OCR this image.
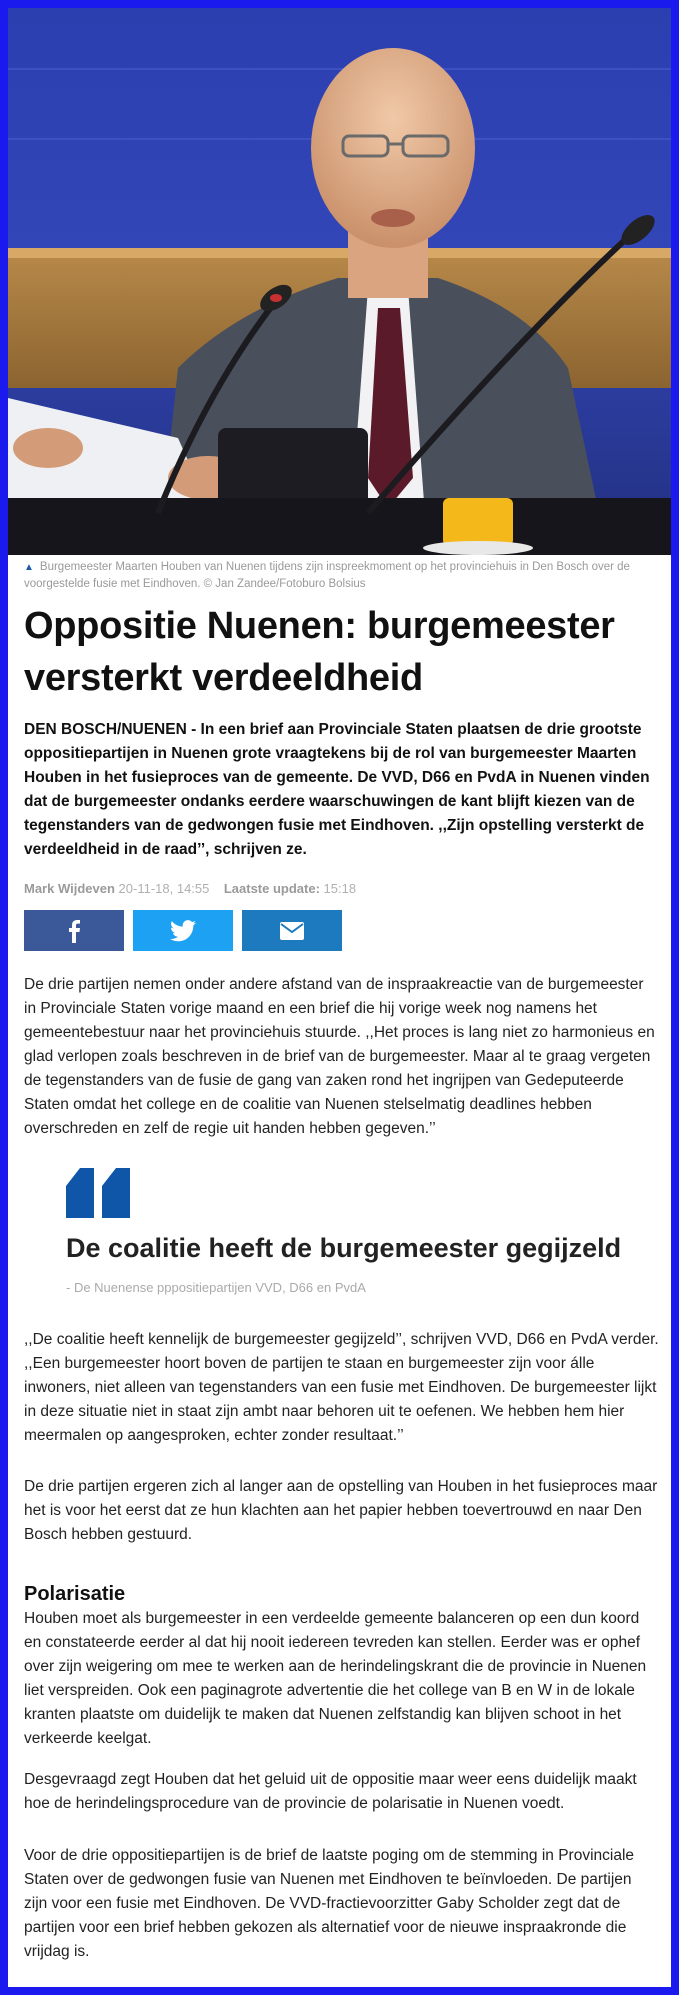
▲ Burgemeester Maarten Houben van Nuenen tijdens zijn inspreekmoment op het provinciehuis in Den Bosch over de voorgestelde fusie met Eindhoven. © Jan Zandee/Fotoburo Bolsius
Oppositie Nuenen: burgemeester versterkt verdeeldheid

DEN BOSCH/NUENEN - In een brief aan Provinciale Staten plaatsen de drie grootste oppositiepartijen in Nuenen grote vraagtekens bij de rol van burgemeester Maarten Houben in het fusieproces van de gemeente. De VVD, D66 en PvdA in Nuenen vinden dat de burgemeester ondanks eerdere waarschuwingen de kant blijft kiezen van de tegenstanders van de gedwongen fusie met Eindhoven. ,,Zijn opstelling versterkt de verdeeldheid in de raad’’, schrijven ze.

Mark Wijdeven 20-11-18, 14:55 Laatste update: 15:18

De drie partijen nemen onder andere afstand van de inspraakreactie van de burgemeester in Provinciale Staten vorige maand en een brief die hij vorige week nog namens het gemeentebestuur naar het provinciehuis stuurde. ,,Het proces is lang niet zo harmonieus en glad verlopen zoals beschreven in de brief van de burgemeester. Maar al te graag vergeten de tegenstanders van de fusie de gang van zaken rond het ingrijpen van Gedeputeerde Staten omdat het college en de coalitie van Nuenen stelselmatig deadlines hebben overschreden en zelf de regie uit handen hebben gegeven.’’

De coalitie heeft de burgemeester gegijzeld

- De Nuenense pppositiepartijen VVD, D66 en PvdA

,,De coalitie heeft kennelijk de burgemeester gegijzeld’’, schrijven VVD, D66 en PvdA verder. ,,Een burgemeester hoort boven de partijen te staan en burgemeester zijn voor álle inwoners, niet alleen van tegenstanders van een fusie met Eindhoven. De burgemeester lijkt in deze situatie niet in staat zijn ambt naar behoren uit te oefenen. We hebben hem hier meermalen op aangesproken, echter zonder resultaat.’’

De drie partijen ergeren zich al langer aan de opstelling van Houben in het fusieproces maar het is voor het eerst dat ze hun klachten aan het papier hebben toevertrouwd en naar Den Bosch hebben gestuurd.

Polarisatie

Houben moet als burgemeester in een verdeelde gemeente balanceren op een dun koord en constateerde eerder al dat hij nooit iedereen tevreden kan stellen. Eerder was er ophef over zijn weigering om mee te werken aan de herindelingskrant die de provincie in Nuenen liet verspreiden. Ook een paginagrote advertentie die het college van B en W in de lokale kranten plaatste om duidelijk te maken dat Nuenen zelfstandig kan blijven schoot in het verkeerde keelgat.

Desgevraagd zegt Houben dat het geluid uit de oppositie maar weer eens duidelijk maakt hoe de herindelingsprocedure van de provincie de polarisatie in Nuenen voedt.

Voor de drie oppositiepartijen is de brief de laatste poging om de stemming in Provinciale Staten over de gedwongen fusie van Nuenen met Eindhoven te beïnvloeden. De partijen zijn voor een fusie met Eindhoven. De VVD-fractievoorzitter Gaby Scholder zegt dat de partijen voor een brief hebben gekozen als alternatief voor de nieuwe inspraakronde die vrijdag is.
